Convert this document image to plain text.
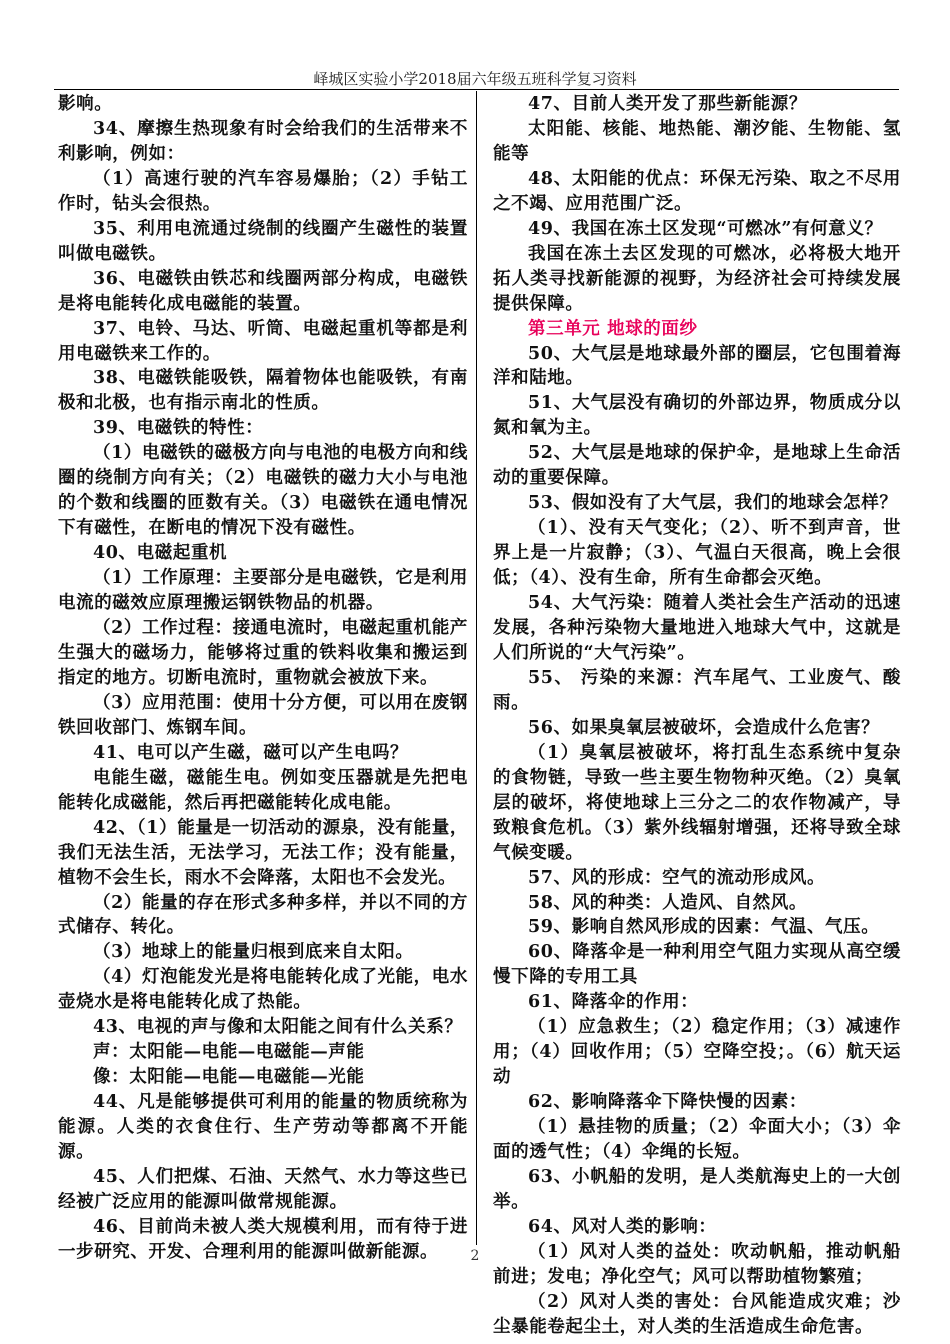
峄城区实验小学2018届六年级五班科学复习资料

影响。

34、摩擦生热现象有时会给我们的生活带来不利影响，例如：

（1）高速行驶的汽车容易爆胎；（2）手钻工作时，钻头会很热。

35、利用电流通过绕制的线圈产生磁性的装置叫做电磁铁。

36、电磁铁由铁芯和线圈两部分构成，电磁铁是将电能转化成电磁能的装置。

37、电铃、马达、听筒、电磁起重机等都是利用电磁铁来工作的。

38、电磁铁能吸铁，隔着物体也能吸铁，有南极和北极，也有指示南北的性质。

39、电磁铁的特性：

（1）电磁铁的磁极方向与电池的电极方向和线圈的绕制方向有关；（2）电磁铁的磁力大小与电池的个数和线圈的匝数有关。（3）电磁铁在通电情况下有磁性，在断电的情况下没有磁性。

40、电磁起重机

（1）工作原理：主要部分是电磁铁，它是利用电流的磁效应原理搬运钢铁物品的机器。

（2）工作过程：接通电流时，电磁起重机能产生强大的磁场力，能够将过重的铁料收集和搬运到指定的地方。切断电流时，重物就会被放下来。

（3）应用范围：使用十分方便，可以用在废钢铁回收部门、炼钢车间。

41、电可以产生磁，磁可以产生电吗？

电能生磁，磁能生电。例如变压器就是先把电能转化成磁能，然后再把磁能转化成电能。

42、（1）能量是一切活动的源泉，没有能量，我们无法生活，无法学习，无法工作；没有能量，植物不会生长，雨水不会降落，太阳也不会发光。

（2）能量的存在形式多种多样，并以不同的方式储存、转化。

（3）地球上的能量归根到底来自太阳。

（4）灯泡能发光是将电能转化成了光能，电水壶烧水是将电能转化成了热能。

43、电视的声与像和太阳能之间有什么关系？

声：太阳能—电能—电磁能—声能

像：太阳能—电能—电磁能—光能

44、凡是能够提供可利用的能量的物质统称为能源。人类的衣食住行、生产劳动等都离不开能源。

45、人们把煤、石油、天然气、水力等这些已经被广泛应用的能源叫做常规能源。

46、目前尚未被人类大规模利用，而有待于进一步研究、开发、合理利用的能源叫做新能源。

47、目前人类开发了那些新能源？

太阳能、核能、地热能、潮汐能、生物能、氢能等

48、太阳能的优点：环保无污染、取之不尽用之不竭、应用范围广泛。

49、我国在冻土区发现“可燃冰”有何意义？

我国在冻土去区发现的可燃冰，必将极大地开拓人类寻找新能源的视野，为经济社会可持续发展提供保障。

第三单元 地球的面纱

50、大气层是地球最外部的圈层，它包围着海洋和陆地。

51、大气层没有确切的外部边界，物质成分以氮和氧为主。

52、大气层是地球的保护伞，是地球上生命活动的重要保障。

53、假如没有了大气层，我们的地球会怎样？

（1）、没有天气变化；（2）、听不到声音，世界上是一片寂静；（3）、气温白天很高，晚上会很低；（4）、没有生命，所有生命都会灭绝。

54、大气污染：随着人类社会生产活动的迅速发展，各种污染物大量地进入地球大气中，这就是人们所说的“大气污染”。

55、 污染的来源：汽车尾气、工业废气、酸雨。

56、如果臭氧层被破坏，会造成什么危害？

（1）臭氧层被破坏，将打乱生态系统中复杂的食物链，导致一些主要生物物种灭绝。（2）臭氧层的破坏，将使地球上三分之二的农作物减产，导致粮食危机。（3）紫外线辐射增强，还将导致全球气候变暖。

57、风的形成：空气的流动形成风。

58、风的种类：人造风、自然风。

59、影响自然风形成的因素：气温、气压。

60、降落伞是一种利用空气阻力实现从高空缓慢下降的专用工具

61、降落伞的作用：

（1）应急救生；（2）稳定作用；（3）减速作用；（4）回收作用；（5）空降空投；。（6）航天运动

62、影响降落伞下降快慢的因素：

（1）悬挂物的质量；（2）伞面大小；（3）伞面的透气性；（4）伞绳的长短。

63、小帆船的发明，是人类航海史上的一大创举。

64、风对人类的影响：

（1）风对人类的益处：吹动帆船，推动帆船前进；发电；净化空气；风可以帮助植物繁殖；

（2）风对人类的害处：台风能造成灾难；沙尘暴能卷起尘土，对人类的生活造成生命危害。

2
